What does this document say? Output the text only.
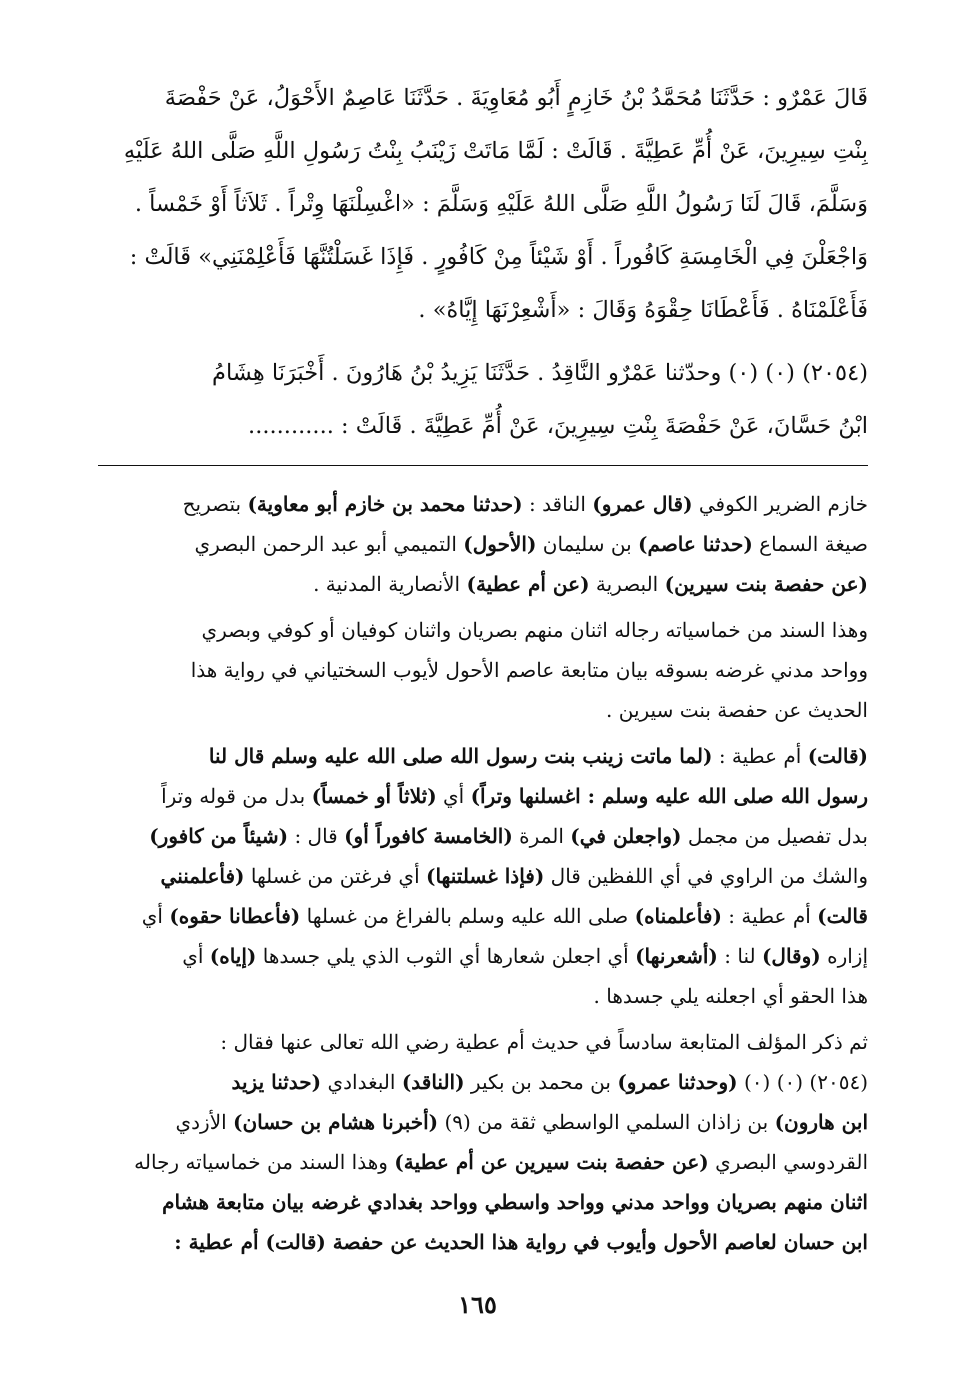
قَالَ عَمْرٌو : حَدَّثَنَا مُحَمَّدُ بْنُ خَازِمٍ أَبُو مُعَاوِيَةَ . حَدَّثَنَا عَاصِمٌ الأَحْوَلُ، عَنْ حَفْصَةَ
بِنْتِ سِيرِينَ، عَنْ أُمِّ عَطِيَّةَ . قَالَتْ : لَمَّا مَاتَتْ زَيْنَبُ بِنْتُ رَسُولِ اللَّهِ صَلَّى اللهُ عَلَيْهِ
وَسَلَّمَ، قَالَ لَنَا رَسُولُ اللَّهِ صَلَّى اللهُ عَلَيْهِ وَسَلَّمَ : «اغْسِلْنَهَا وِتْراً . ثَلاَثاً أَوْ خَمْساً .
وَاجْعَلْنَ فِي الْخَامِسَةِ كَافُوراً . أَوْ شَيْئاً مِنْ كَافُورٍ . فَإِذَا غَسَلْتُنَّهَا فَأَعْلِمْنَنِي» قَالَتْ :
فَأَعْلَمْنَاهُ . فَأَعْطَانَا حِقْوَهُ وَقَالَ : «أَشْعِرْنَهَا إِيَّاهُ» .
(٢٠٥٤) (٠) (٠) وحدّثنا عَمْرٌو النَّاقِدُ . حَدَّثَنَا يَزِيدُ بْنُ هَارُونَ . أَخْبَرَنَا هِشَامُ
ابْنُ حَسَّانَ، عَنْ حَفْصَةَ بِنْتِ سِيرِينَ، عَنْ أُمِّ عَطِيَّةَ . قَالَتْ : ............
خازم الضرير الكوفي (قال عمرو) الناقد : (حدثنا محمد بن خازم أبو معاوية) بتصريح
صيغة السماع (حدثنا عاصم) بن سليمان (الأحول) التميمي أبو عبد الرحمن البصري
(عن حفصة بنت سيرين) البصرية (عن أم عطية) الأنصارية المدنية .
وهذا السند من خماسياته رجاله اثنان منهم بصريان واثنان كوفيان أو كوفي وبصري
وواحد مدني غرضه بسوقه بيان متابعة عاصم الأحول لأيوب السختياني في رواية هذا
الحديث عن حفصة بنت سيرين .
(قالت) أم عطية : (لما ماتت زينب بنت رسول الله صلى الله عليه وسلم قال لنا
رسول الله صلى الله عليه وسلم : اغسلنها وتراً) أي (ثلاثاً أو خمساً) بدل من قوله وتراً
بدل تفصيل من مجمل (واجعلن في) المرة (الخامسة كافوراً أو) قال : (شيئاً من كافور)
والشك من الراوي في أي اللفظين قال (فإذا غسلتنها) أي فرغتن من غسلها (فأعلمنني
قالت) أم عطية : (فأعلمناه) صلى الله عليه وسلم بالفراغ من غسلها (فأعطانا حقوه) أي
إزاره (وقال) لنا : (أشعرنها) أي اجعلن شعارها أي الثوب الذي يلي جسدها (إياه) أي
هذا الحقو أي اجعلنه يلي جسدها .
ثم ذكر المؤلف المتابعة سادساً في حديث أم عطية رضي الله تعالى عنها فقال :
(٢٠٥٤) (٠) (٠) (وحدثنا عمرو) بن محمد بن بكير (الناقد) البغدادي (حدثنا يزيد
ابن هارون) بن زاذان السلمي الواسطي ثقة من (٩) (أخبرنا هشام بن حسان) الأزدي
القردوسي البصري (عن حفصة بنت سيرين عن أم عطية) وهذا السند من خماسياته رجاله
اثنان منهم بصريان وواحد مدني وواحد واسطي وواحد بغدادي غرضه بيان متابعة هشام
ابن حسان لعاصم الأحول وأيوب في رواية هذا الحديث عن حفصة (قالت) أم عطية :
١٦٥
